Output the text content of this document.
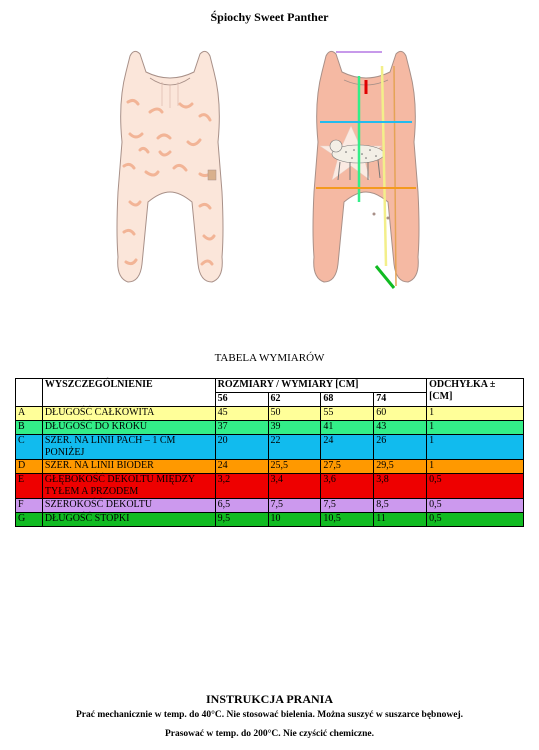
Śpiochy Sweet Panther
TABELA WYMIARÓW
	WYSZCZEGÓLNIENIE	ROZMIARY / WYMIARY [CM]				ODCHYŁKA ± [CM]
		56	62	68	74	
A	DŁUGOŚĆ CAŁKOWITA	45	50	55	60	1
B	DŁUGOŚĆ DO KROKU	37	39	41	43	1
C	SZER. NA LINII PACH – 1 CM PONIŻEJ	20	22	24	26	1
D	SZER. NA LINII BIODER	24	25,5	27,5	29,5	1
E	GŁĘBOKOŚĆ DEKOLTU MIĘDZY TYŁEM A PRZODEM	3,2	3,4	3,6	3,8	0,5
F	SZEROKOŚĆ DEKOLTU	6,5	7,5	7,5	8,5	0,5
G	DŁUGOŚĆ STOPKI	9,5	10	10,5	11	0,5
INSTRUKCJA PRANIA
Prać mechanicznie w temp. do 40°C. Nie stosować bielenia. Można suszyć w suszarce bębnowej.
Prasować w temp. do 200°C. Nie czyścić chemiczne.
